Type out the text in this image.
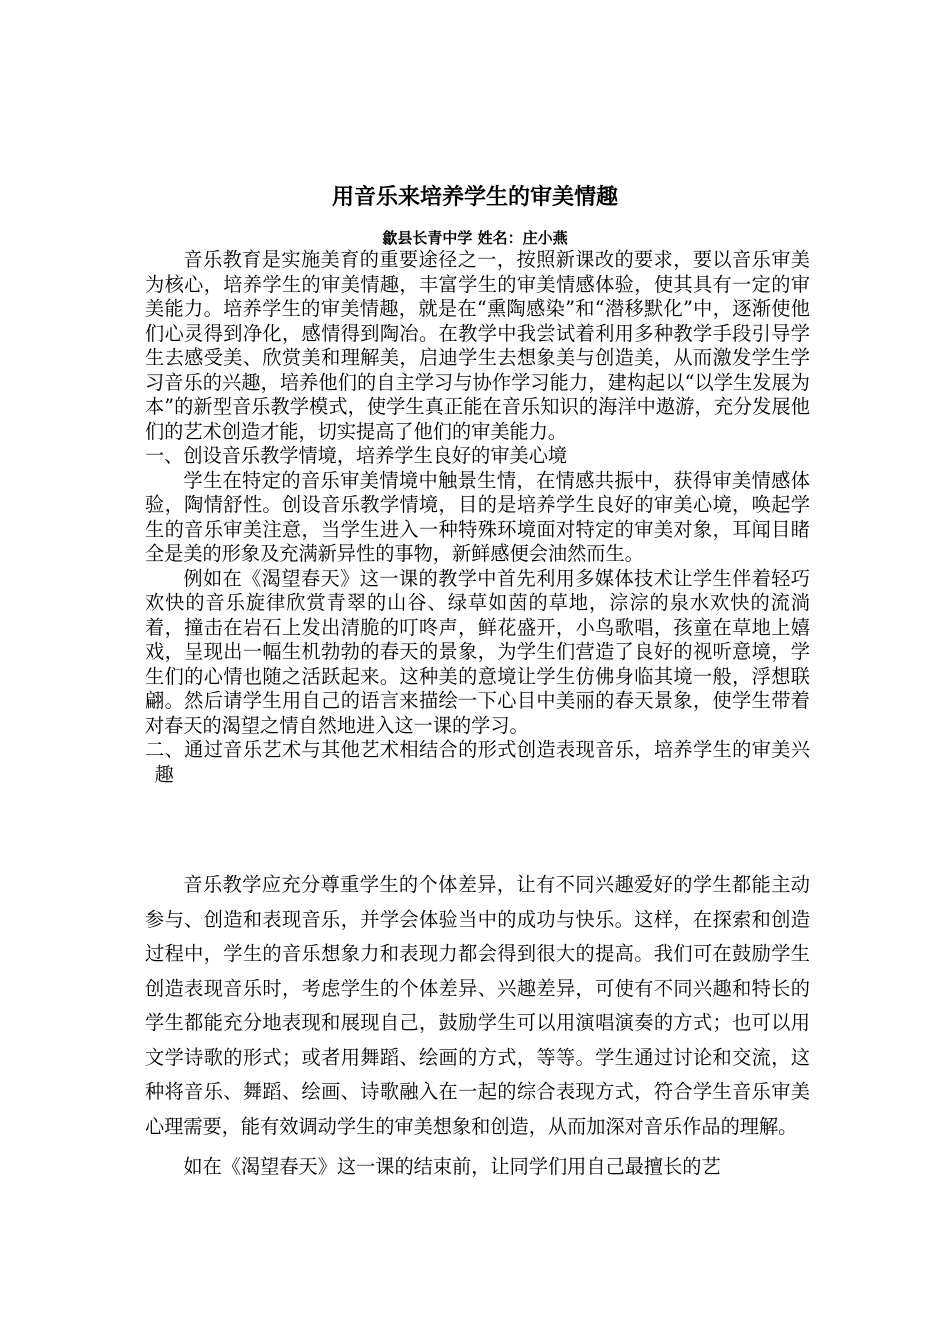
用音乐来培养学生的审美情趣
歙县长青中学 姓名：庄小燕

音乐教育是实施美育的重要途径之一，按照新课改的要求，要以音乐审美为核心，培养学生的审美情趣，丰富学生的审美情感体验，使其具有一定的审美能力。培养学生的审美情趣，就是在“熏陶感染”和“潜移默化”中，逐渐使他们心灵得到净化，感情得到陶冶。在教学中我尝试着利用多种教学手段引导学生去感受美、欣赏美和理解美，启迪学生去想象美与创造美，从而激发学生学习音乐的兴趣，培养他们的自主学习与协作学习能力，建构起以“以学生发展为本”的新型音乐教学模式，使学生真正能在音乐知识的海洋中遨游，充分发展他们的艺术创造才能，切实提高了他们的审美能力。

一、创设音乐教学情境，培养学生良好的审美心境

学生在特定的音乐审美情境中触景生情，在情感共振中，获得审美情感体验，陶情舒性。创设音乐教学情境，目的是培养学生良好的审美心境，唤起学生的音乐审美注意，当学生进入一种特殊环境面对特定的审美对象，耳闻目睹全是美的形象及充满新异性的事物，新鲜感便会油然而生。

例如在《渴望春天》这一课的教学中首先利用多媒体技术让学生伴着轻巧欢快的音乐旋律欣赏青翠的山谷、绿草如茵的草地，淙淙的泉水欢快的流淌着，撞击在岩石上发出清脆的叮咚声，鲜花盛开，小鸟歌唱，孩童在草地上嬉戏，呈现出一幅生机勃勃的春天的景象，为学生们营造了良好的视听意境，学生们的心情也随之活跃起来。这种美的意境让学生仿佛身临其境一般，浮想联翩。然后请学生用自己的语言来描绘一下心目中美丽的春天景象，使学生带着对春天的渴望之情自然地进入这一课的学习。

二、通过音乐艺术与其他艺术相结合的形式创造表现音乐，培养学生的审美兴趣

音乐教学应充分尊重学生的个体差异，让有不同兴趣爱好的学生都能主动参与、创造和表现音乐，并学会体验当中的成功与快乐。这样，在探索和创造过程中，学生的音乐想象力和表现力都会得到很大的提高。我们可在鼓励学生创造表现音乐时，考虑学生的个体差异、兴趣差异，可使有不同兴趣和特长的学生都能充分地表现和展现自己，鼓励学生可以用演唱演奏的方式；也可以用文学诗歌的形式；或者用舞蹈、绘画的方式，等等。学生通过讨论和交流，这种将音乐、舞蹈、绘画、诗歌融入在一起的综合表现方式，符合学生音乐审美心理需要，能有效调动学生的审美想象和创造，从而加深对音乐作品的理解。

如在《渴望春天》这一课的结束前，让同学们用自己最擅长的艺
